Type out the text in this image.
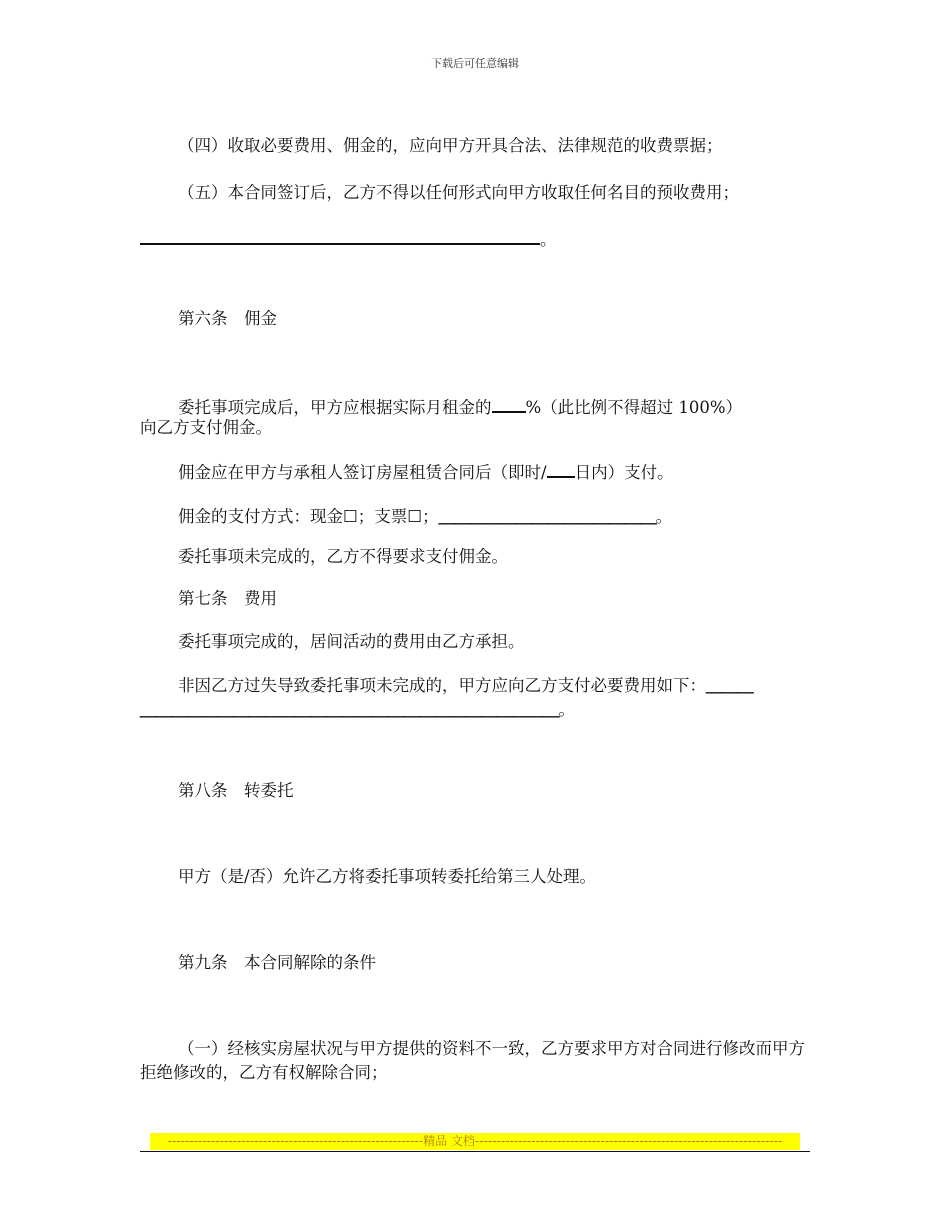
下载后可任意编辑
（四）收取必要费用、佣金的，应向甲方开具合法、法律规范的收费票据；
（五）本合同签订后，乙方不得以任何形式向甲方收取任何名目的预收费用；
。
第六条　佣金
委托事项完成后，甲方应根据实际月租金的 %（此比例不得超过 100%）
向乙方支付佣金。
佣金应在甲方与承租人签订房屋租赁合同后（即时/ 日内）支付。
佣金的支付方式：现金☐；支票☐；＿＿＿＿＿＿＿＿＿＿＿＿＿＿。
委托事项未完成的，乙方不得要求支付佣金。
第七条　费用
委托事项完成的，居间活动的费用由乙方承担。
非因乙方过失导致委托事项未完成的，甲方应向乙方支付必要费用如下：＿＿＿
＿＿＿＿＿＿＿＿＿＿＿＿＿＿＿＿＿＿＿＿＿＿＿＿＿＿＿。
第八条　转委托
甲方（是/否）允许乙方将委托事项转委托给第三人处理。
第九条　本合同解除的条件
（一）经核实房屋状况与甲方提供的资料不一致，乙方要求甲方对合同进行修改而甲方拒绝修改的，乙方有权解除合同；
-----------------------------------------------------------精品 文档-----------------------------------------------------------------------
